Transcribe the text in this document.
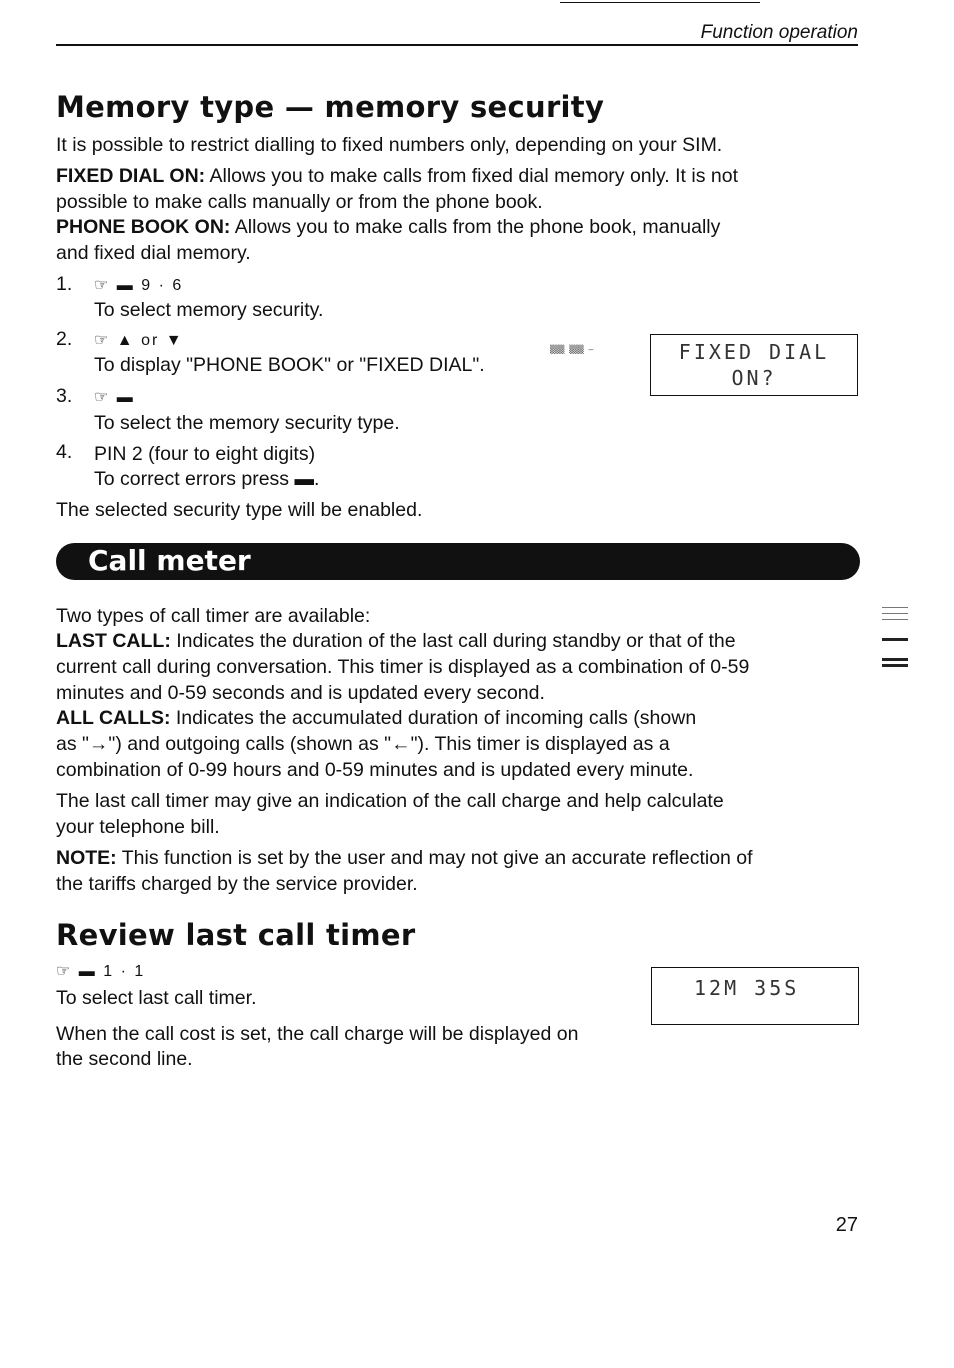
Function operation
Memory type — memory security

It is possible to restrict dialling to fixed numbers only, depending on your SIM.

FIXED DIAL ON: Allows you to make calls from fixed dial memory only. It is not

possible to make calls manually or from the phone book.

PHONE BOOK ON: Allows you to make calls from the phone book, manually

and fixed dial memory.

1. ☞ ▬ 9 · 6

To select memory security.

2. ☞ ▲ or ▼

To display "PHONE BOOK" or "FIXED DIAL".

▒▒▒ ▒▒▒ —	FIXED DIAL
ON?
3. ☞ ▬

To select the memory security type.

4. PIN 2 (four to eight digits)

To correct errors press ▬.

The selected security type will be enabled.

Call meter

Two types of call timer are available:

LAST CALL: Indicates the duration of the last call during standby or that of the

current call during conversation. This timer is displayed as a combination of 0-59

minutes and 0-59 seconds and is updated every second.

ALL CALLS: Indicates the accumulated duration of incoming calls (shown

as "→") and outgoing calls (shown as "←"). This timer is displayed as a

combination of 0-99 hours and 0-59 minutes and is updated every minute.

The last call timer may give an indication of the call charge and help calculate

your telephone bill.

NOTE: This function is set by the user and may not give an accurate reflection of

the tariffs charged by the service provider.

Review last call timer
☞ ▬ 1 · 1

To select last call timer.	12M 35S

When the call cost is set, the call charge will be displayed on

the second line.

27
